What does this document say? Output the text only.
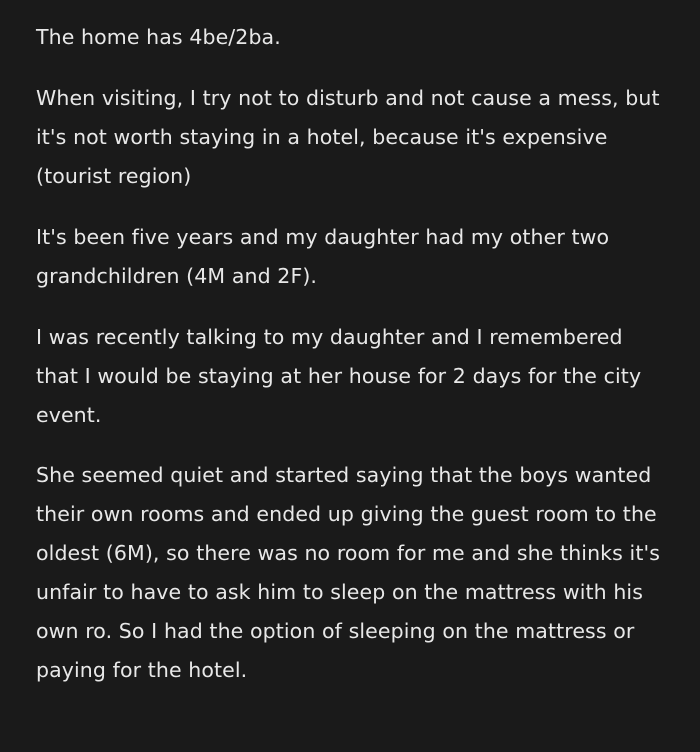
The home has 4be/2ba.

When visiting, I try not to disturb and not cause a mess, but it's not worth staying in a hotel, because it's expensive (tourist region)

It's been five years and my daughter had my other two grandchildren (4M and 2F).

I was recently talking to my daughter and I remembered that I would be staying at her house for 2 days for the city event.

She seemed quiet and started saying that the boys wanted their own rooms and ended up giving the guest room to the oldest (6M), so there was no room for me and she thinks it's unfair to have to ask him to sleep on the mattress with his own ro. So I had the option of sleeping on the mattress or paying for the hotel.
